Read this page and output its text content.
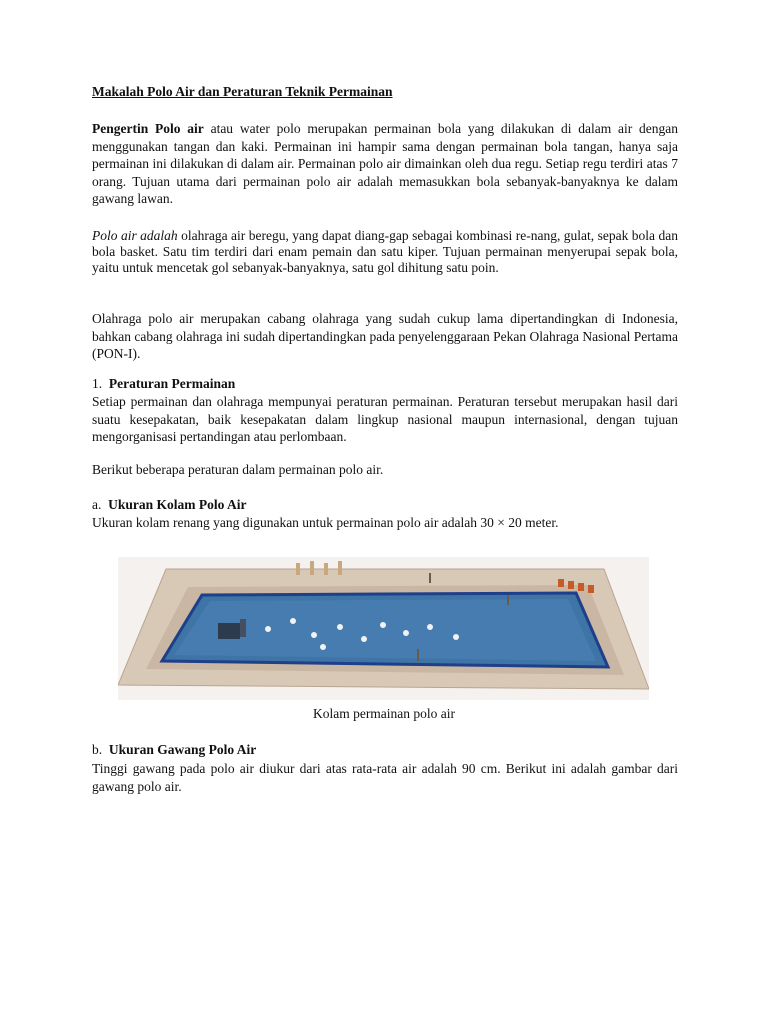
Makalah Polo Air dan Peraturan Teknik Permainan

Pengertin Polo air atau water polo merupakan permainan bola yang dilakukan di dalam air dengan menggunakan tangan dan kaki. Permainan ini hampir sama dengan permainan bola tangan, hanya saja permainan ini dilakukan di dalam air. Permainan polo air dimainkan oleh dua regu. Setiap regu terdiri atas 7 orang. Tujuan utama dari permainan polo air adalah memasukkan bola sebanyak-banyaknya ke dalam gawang lawan.

Polo air adalah olahraga air beregu, yang dapat diang-gap sebagai kombinasi re-nang, gulat, sepak bola dan bola basket. Satu tim terdiri dari enam pemain dan satu kiper. Tujuan permainan menyerupai sepak bola, yaitu untuk mencetak gol sebanyak-banyaknya, satu gol dihitung satu poin.

Olahraga polo air merupakan cabang olahraga yang sudah cukup lama dipertandingkan di Indonesia, bahkan cabang olahraga ini sudah dipertandingkan pada penyelenggaraan Pekan Olahraga Nasional Pertama (PON-I).

1. Peraturan Permainan

Setiap permainan dan olahraga mempunyai peraturan permainan. Peraturan tersebut merupakan hasil dari suatu kesepakatan, baik kesepakatan dalam lingkup nasional maupun internasional, dengan tujuan mengorganisasi pertandingan atau perlombaan.

Berikut beberapa peraturan dalam permainan polo air.

a. Ukuran Kolam Polo Air

Ukuran kolam renang yang digunakan untuk permainan polo air adalah 30 × 20 meter.

Kolam permainan polo air
b. Ukuran Gawang Polo Air

Tinggi gawang pada polo air diukur dari atas rata-rata air adalah 90 cm. Berikut ini adalah gambar dari gawang polo air.
